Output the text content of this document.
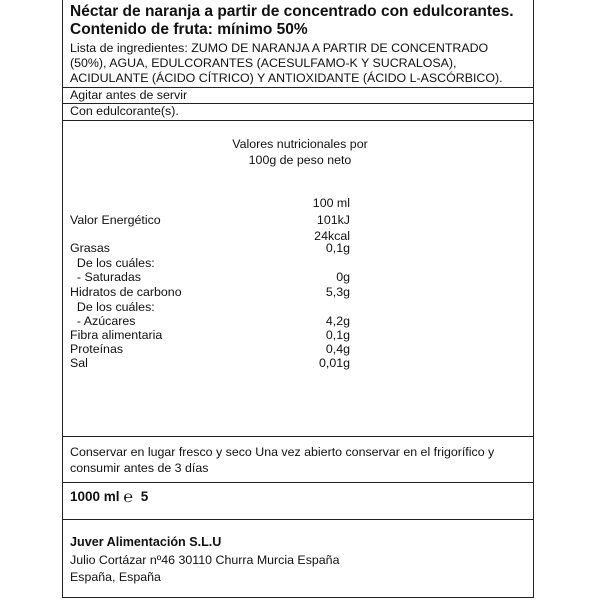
Néctar de naranja a partir de concentrado con edulcorantes.
Contenido de fruta: mínimo 50%
Lista de ingredientes: ZUMO DE NARANJA A PARTIR DE CONCENTRADO
(50%), AGUA, EDULCORANTES (ACESULFAMO-K Y SUCRALOSA),
ACIDULANTE (ÁCIDO CÍTRICO) Y ANTIOXIDANTE (ÁCIDO L-ASCÓRBICO).
Agitar antes de servir
Con edulcorante(s).
Valores nutricionales por
100g de peso neto
100 ml
Valor Energético	101kJ
24kcal
Grasas	0,1g
De los cuáles:
- Saturadas	0g
Hidratos de carbono	5,3g
De los cuáles:
- Azúcares	4,2g
Fibra alimentaria	0,1g
Proteínas	0,4g
Sal	0,01g
Conservar en lugar fresco y seco Una vez abierto conservar en el frigorífico y
consumir antes de 3 días
1000 ml ℮ 5
Juver Alimentación S.L.U
Julio Cortázar nº46 30110 Churra Murcia España
España, España
